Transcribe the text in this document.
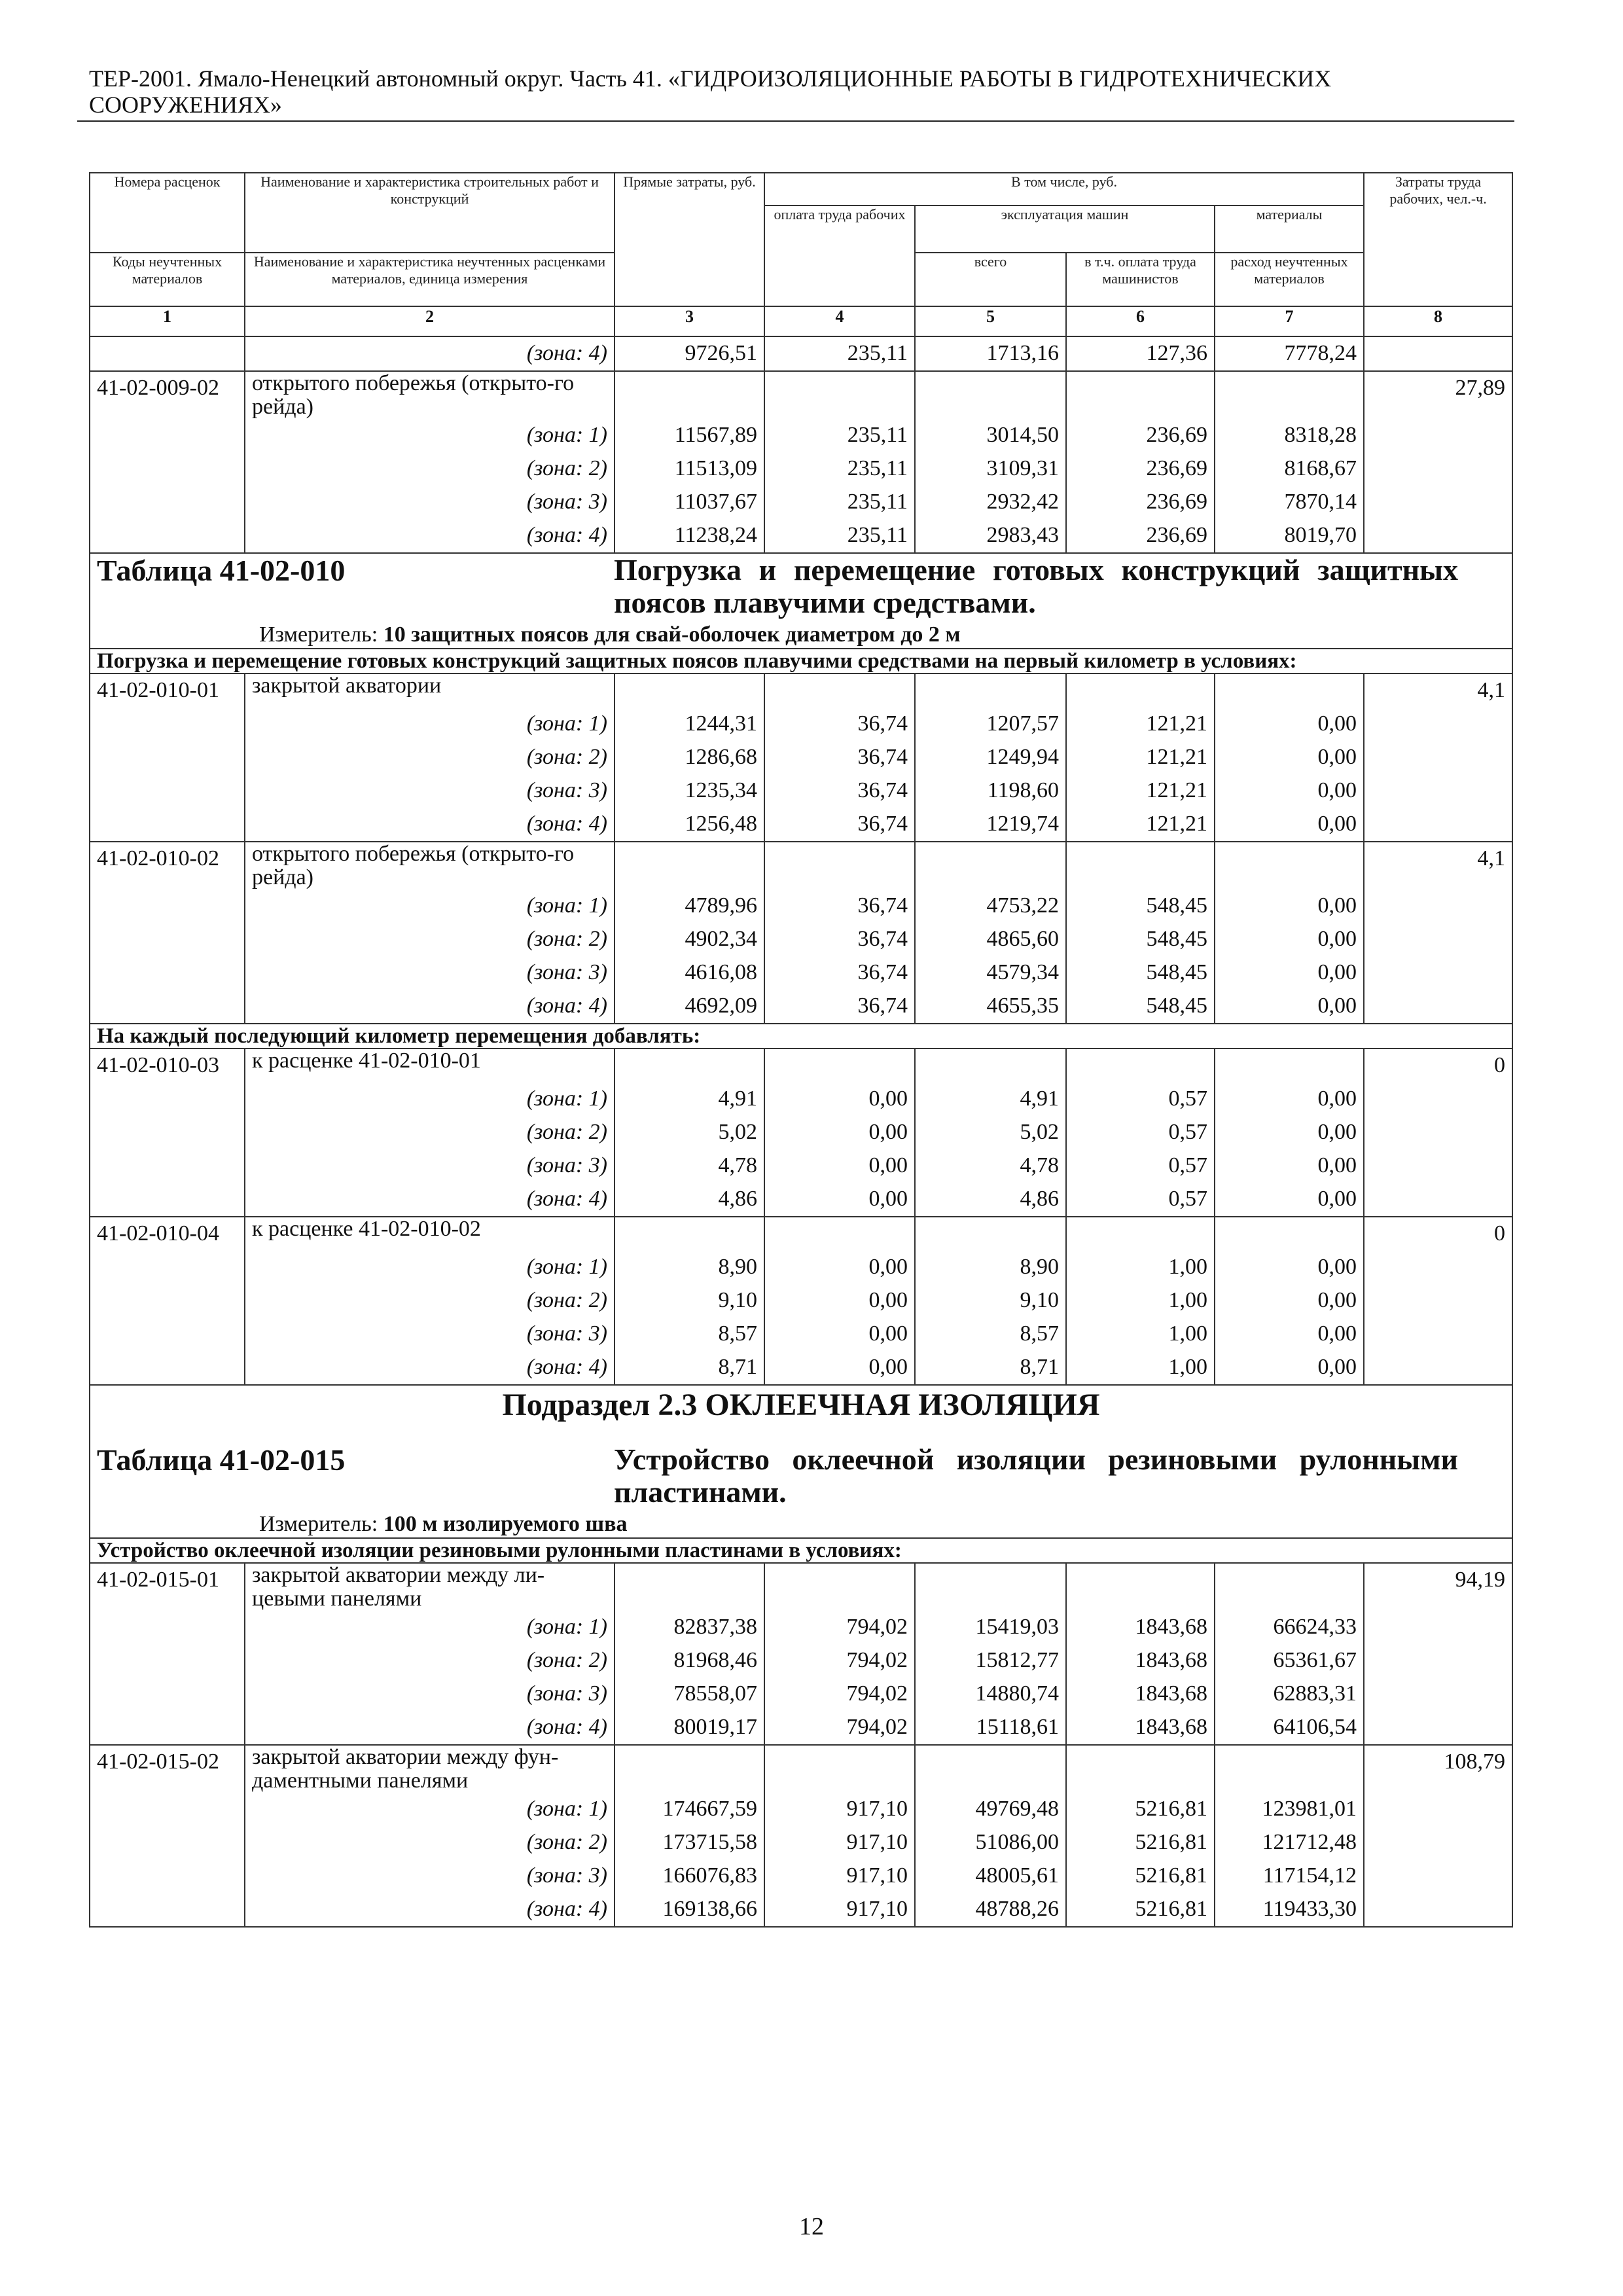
ТЕР-2001. Ямало-Ненецкий автономный округ. Часть 41. «ГИДРОИЗОЛЯЦИОННЫЕ РАБОТЫ В ГИДРОТЕХНИЧЕСКИХ СООРУЖЕНИЯХ»
Номера расценок	Наименование и характеристика строительных работ и конструкций	Прямые затраты, руб.	В том числе, руб.				Затраты труда рабочих, чел.-ч.
			оплата труда рабочих	эксплуатация машин		материалы	
Коды неучтенных материалов	Наименование и характеристика неучтенных расценками материалов, единица измерения			всего	в т.ч. оплата труда машинистов	расход неучтенных материалов	
1	2	3	4	5	6	7	8
	(зона: 4)	9726,51	235,11	1713,16	127,36	7778,24	
41-02-009-02	открытого побережья (открыто-го рейда)						27,89
	(зона: 1)	11567,89	235,11	3014,50	236,69	8318,28	
	(зона: 2)	11513,09	235,11	3109,31	236,69	8168,67	
	(зона: 3)	11037,67	235,11	2932,42	236,69	7870,14	
	(зона: 4)	11238,24	235,11	2983,43	236,69	8019,70	

Таблица 41-02-010 Погрузка и перемещение готовых конструкций защитных поясов плавучими средствами.
Измеритель: 10 защитных поясов для свай-оболочек диаметром до 2 м							

Погрузка и перемещение готовых конструкций защитных поясов плавучими средствами на первый километр в условиях:							
41-02-010-01	закрытой акватории						4,1
	(зона: 1)	1244,31	36,74	1207,57	121,21	0,00	
	(зона: 2)	1286,68	36,74	1249,94	121,21	0,00	
	(зона: 3)	1235,34	36,74	1198,60	121,21	0,00	
	(зона: 4)	1256,48	36,74	1219,74	121,21	0,00	
41-02-010-02	открытого побережья (открыто-го рейда)						4,1
	(зона: 1)	4789,96	36,74	4753,22	548,45	0,00	
	(зона: 2)	4902,34	36,74	4865,60	548,45	0,00	
	(зона: 3)	4616,08	36,74	4579,34	548,45	0,00	
	(зона: 4)	4692,09	36,74	4655,35	548,45	0,00	
На каждый последующий километр перемещения добавлять:							
41-02-010-03	к расценке 41-02-010-01						0
	(зона: 1)	4,91	0,00	4,91	0,57	0,00	
	(зона: 2)	5,02	0,00	5,02	0,57	0,00	
	(зона: 3)	4,78	0,00	4,78	0,57	0,00	
	(зона: 4)	4,86	0,00	4,86	0,57	0,00	
41-02-010-04	к расценке 41-02-010-02						0
	(зона: 1)	8,90	0,00	8,90	1,00	0,00	
	(зона: 2)	9,10	0,00	9,10	1,00	0,00	
	(зона: 3)	8,57	0,00	8,57	1,00	0,00	
	(зона: 4)	8,71	0,00	8,71	1,00	0,00	

Подраздел 2.3 ОКЛЕЕЧНАЯ ИЗОЛЯЦИЯ
Таблица 41-02-015 Устройство оклеечной изоляции резиновыми рулонными пластинами.
Измеритель: 100 м изолируемого шва							

Устройство оклеечной изоляции резиновыми рулонными пластинами в условиях:							
41-02-015-01	закрытой акватории между ли-цевыми панелями						94,19
	(зона: 1)	82837,38	794,02	15419,03	1843,68	66624,33	
	(зона: 2)	81968,46	794,02	15812,77	1843,68	65361,67	
	(зона: 3)	78558,07	794,02	14880,74	1843,68	62883,31	
	(зона: 4)	80019,17	794,02	15118,61	1843,68	64106,54	
41-02-015-02	закрытой акватории между фун-даментными панелями						108,79
	(зона: 1)	174667,59	917,10	49769,48	5216,81	123981,01	
	(зона: 2)	173715,58	917,10	51086,00	5216,81	121712,48	
	(зона: 3)	166076,83	917,10	48005,61	5216,81	117154,12	
	(зона: 4)	169138,66	917,10	48788,26	5216,81	119433,30	
12
